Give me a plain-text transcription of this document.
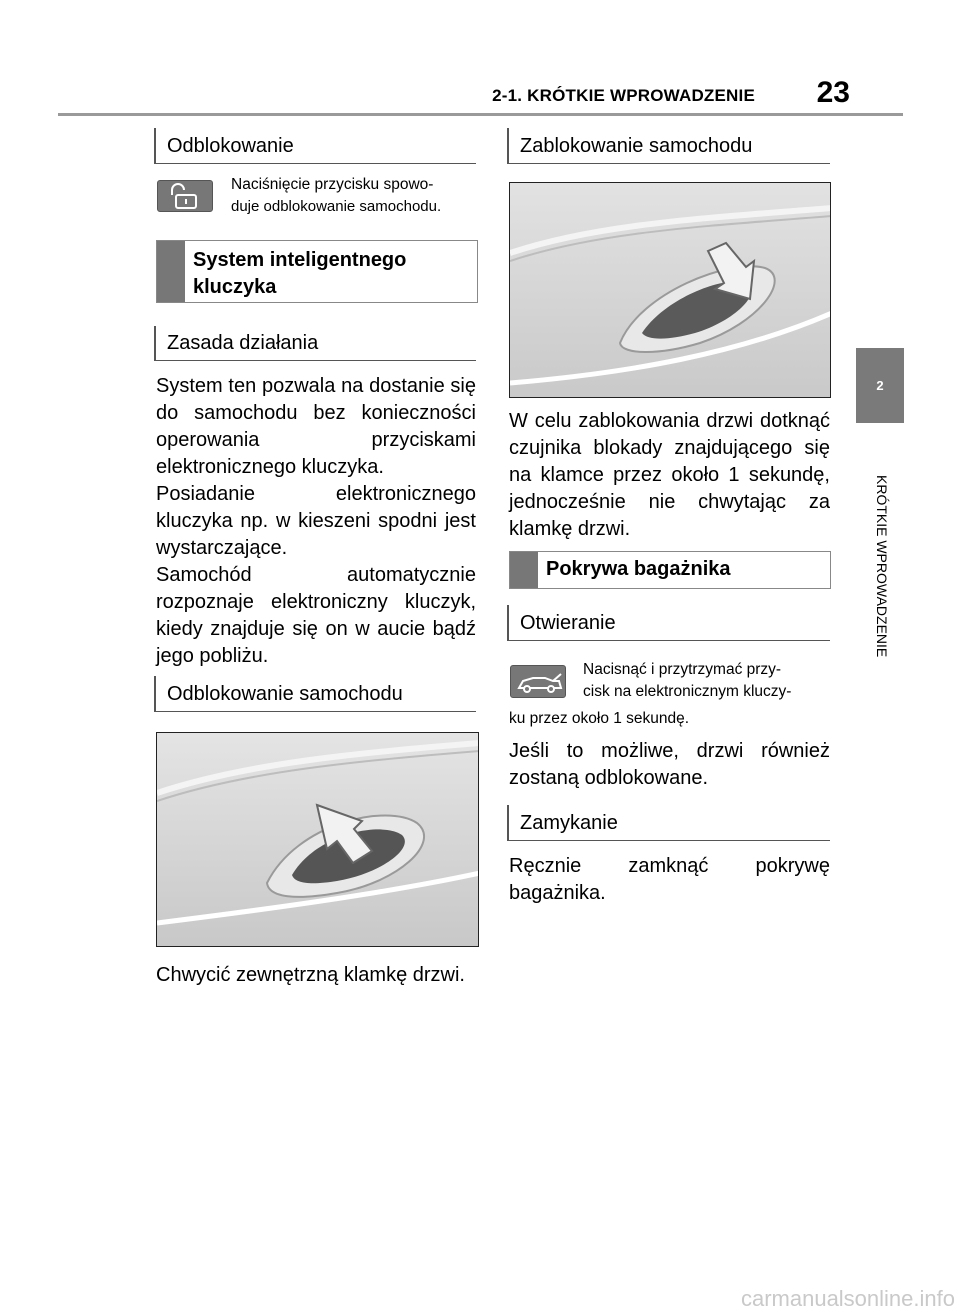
2-1. KRÓTKIE WPROWADZENIE	23
2
KRÓTKIE WPROWADZENIE
Odblokowanie
Naciśnięcie przycisku spowo-
duje odblokowanie samochodu.
System inteligentnego kluczyka
Zasada działania
System ten pozwala na dostanie się do samochodu bez konieczności operowania przyciskami elektronicznego kluczyka.
Posiadanie elektronicznego kluczyka np. w kieszeni spodni jest wystarczające.
Samochód automatycznie rozpoznaje elektroniczny kluczyk, kiedy znajduje się on w aucie bądź jego pobliżu.
Odblokowanie samochodu
Chwycić zewnętrzną klamkę drzwi.
Zablokowanie samochodu
W celu zablokowania drzwi dotknąć czujnika blokady znajdującego się na klamce przez około 1 sekundę, jednocześnie nie chwytając za klamkę drzwi.
Pokrywa bagażnika
Otwieranie
Nacisnąć i przytrzymać przy-
cisk na elektronicznym kluczy-
ku przez około 1 sekundę.
Jeśli to możliwe, drzwi również zostaną odblokowane.
Zamykanie
Ręcznie zamknąć pokrywę bagażnika.
carmanualsonline.info
